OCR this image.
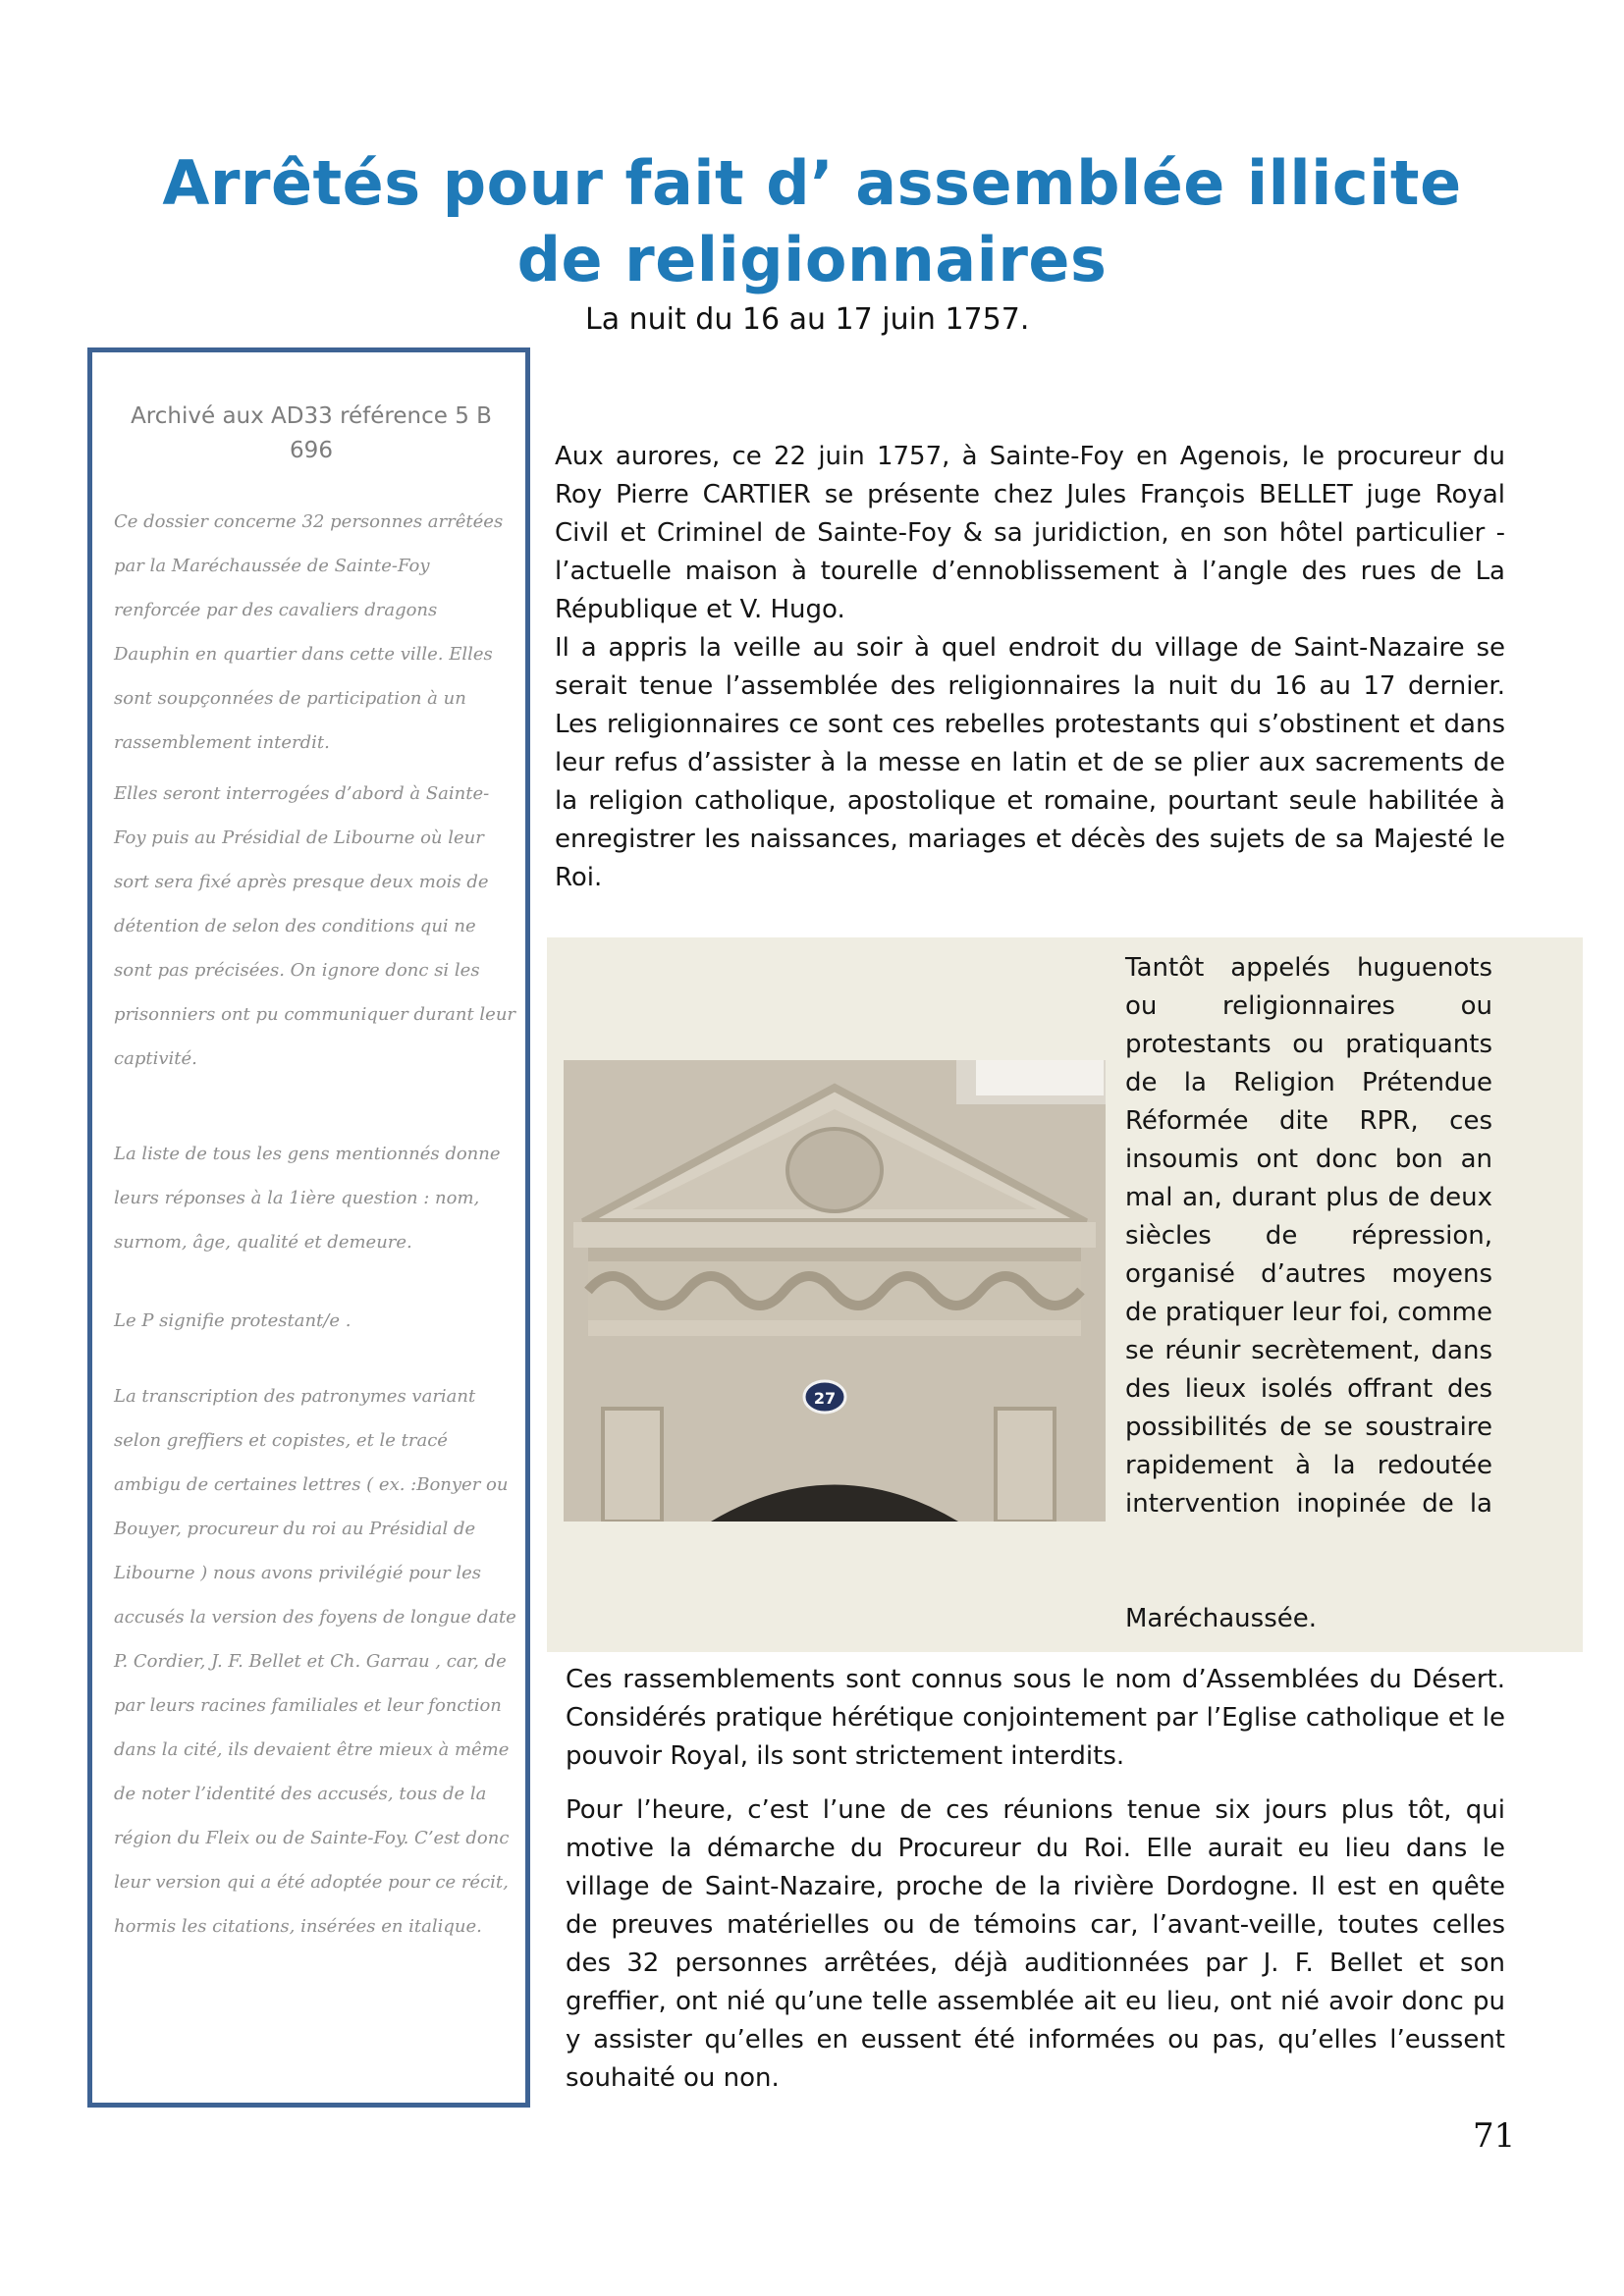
Arrêtés pour fait d’ assemblée illicite
de religionnaires
La nuit du 16 au 17 juin 1757.
Archivé aux AD33 référence 5 B 696

Ce dossier concerne 32 personnes arrêtées par la Maréchaussée de Sainte-Foy renforcée par des cavaliers dragons Dauphin en quartier dans cette ville. Elles sont soupçonnées de participation à un rassemblement interdit.

Elles seront interrogées d’abord à Sainte-Foy puis au Présidial de Libourne où leur sort sera fixé après presque deux mois de détention de selon des conditions qui ne sont pas précisées. On ignore donc si les prisonniers ont pu communiquer durant leur captivité.

La liste de tous les gens mentionnés donne leurs réponses à la 1ière question : nom, surnom, âge, qualité et demeure.

Le P signifie protestant/e .

La transcription des patronymes variant selon greffiers et copistes, et le tracé ambigu de certaines lettres ( ex. :Bonyer ou Bouyer, procureur du roi au Présidial de Libourne ) nous avons privilégié pour les accusés la version des foyens de longue date P. Cordier, J. F. Bellet et Ch. Garrau , car, de par leurs racines familiales et leur fonction dans la cité, ils devaient être mieux à même de noter l’identité des accusés, tous de la région du Fleix ou de Sainte-Foy. C’est donc leur version qui a été adoptée pour ce récit, hormis les citations, insérées en italique.

Aux aurores, ce 22 juin 1757, à Sainte-Foy en Agenois, le procureur du Roy Pierre CARTIER se présente chez Jules François BELLET juge Royal Civil et Criminel de Sainte-Foy & sa juridiction, en son hôtel particulier - l’actuelle maison à tourelle d’ennoblissement à l’angle des rues de La République et V. Hugo.

Il a appris la veille au soir à quel endroit du village de Saint-Nazaire se serait tenue l’assemblée des religionnaires la nuit du 16 au 17 dernier. Les religionnaires ce sont ces rebelles protestants qui s’obstinent et dans leur refus d’assister à la messe en latin et de se plier aux sacrements de la religion catholique, apostolique et romaine, pourtant seule habilitée à enregistrer les naissances, mariages et décès des sujets de sa Majesté le Roi.

27

Tantôt appelés huguenots ou religionnaires ou protestants ou pratiquants de la Religion Prétendue Réformée dite RPR, ces insoumis ont donc bon an mal an, durant plus de deux siècles de répression, organisé d’autres moyens de pratiquer leur foi, comme se réunir secrètement, dans des lieux isolés offrant des possibilités de se soustraire rapidement à la redoutée intervention inopinée de la

Maréchaussée.

Ces rassemblements sont connus sous le nom d’Assemblées du Désert. Considérés pratique hérétique conjointement par l’Eglise catholique et le pouvoir Royal, ils sont strictement interdits.

Pour l’heure, c’est l’une de ces réunions tenue six jours plus tôt, qui motive la démarche du Procureur du Roi. Elle aurait eu lieu dans le village de Saint-Nazaire, proche de la rivière Dordogne. Il est en quête de preuves matérielles ou de témoins car, l’avant-veille, toutes celles des 32 personnes arrêtées, déjà auditionnées par J. F. Bellet et son greffier, ont nié qu’une telle assemblée ait eu lieu, ont nié avoir donc pu y assister qu’elles en eussent été informées ou pas, qu’elles l’eussent souhaité ou non.

71
